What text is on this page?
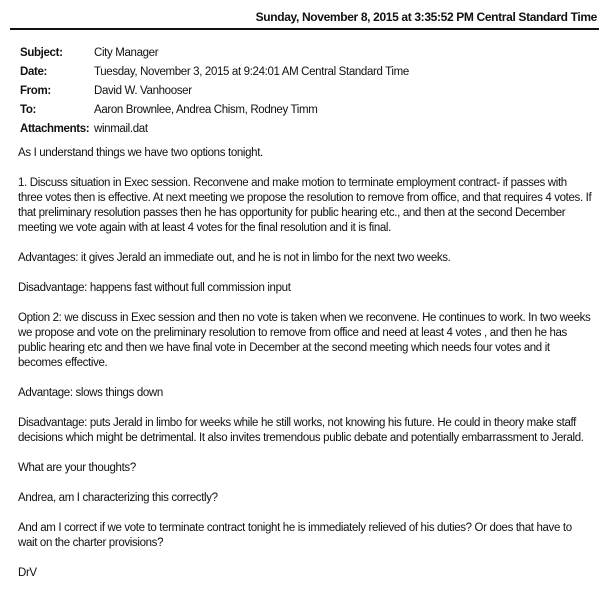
Sunday, November 8, 2015 at 3:35:52 PM Central Standard Time
Subject:	City Manager
Date:	Tuesday, November 3, 2015 at 9:24:01 AM Central Standard Time
From:	David W. Vanhooser
To:	Aaron Brownlee, Andrea Chism, Rodney Timm
Attachments: winmail.dat

As I understand things we have two options tonight.

1. Discuss situation in Exec session. Reconvene and make motion to terminate employment contract- if passes with three votes then is effective. At next meeting we propose the resolution to remove from office, and that requires 4 votes. If that preliminary resolution passes then he has opportunity for public hearing etc., and then at the second December meeting we vote again with at least 4 votes for the final resolution and it is final.

Advantages: it gives Jerald an immediate out, and he is not in limbo for the next two weeks.

Disadvantage: happens fast without full commission input

Option 2: we discuss in Exec session and then no vote is taken when we reconvene. He continues to work. In two weeks we propose and vote on the preliminary resolution to remove from office and need at least 4 votes , and then he has public hearing etc and then we have final vote in December at the second meeting which needs four votes and it becomes effective.

Advantage: slows things down

Disadvantage: puts Jerald in limbo for weeks while he still works, not knowing his future. He could in theory make staff decisions which might be detrimental. It also invites tremendous public debate and potentially embarrassment to Jerald.

What are your thoughts?

Andrea, am I characterizing this correctly?

And am I correct if we vote to terminate contract tonight he is immediately relieved of his duties? Or does that have to wait on the charter provisions?

DrV
